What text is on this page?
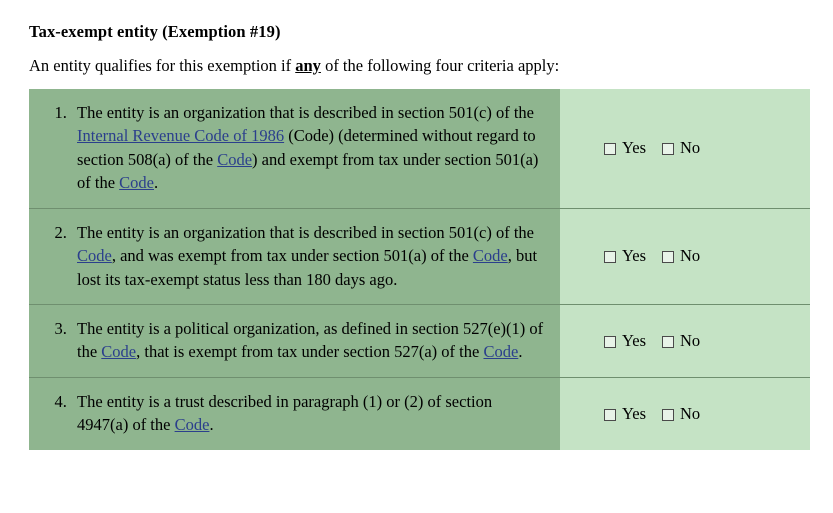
Tax-exempt entity (Exemption #19)

An entity qualifies for this exemption if any of the following four criteria apply:

1. The entity is an organization that is described in section 501(c) of the Internal Revenue Code of 1986 (Code) (determined without regard to section 508(a) of the Code) and exempt from tax under section 501(a) of the Code.

Yes No

2. The entity is an organization that is described in section 501(c) of the Code, and was exempt from tax under section 501(a) of the Code, but lost its tax-exempt status less than 180 days ago.

Yes No

3. The entity is a political organization, as defined in section 527(e)(1) of the Code, that is exempt from tax under section 527(a) of the Code.

Yes No

4. The entity is a trust described in paragraph (1) or (2) of section 4947(a) of the Code.

Yes No
